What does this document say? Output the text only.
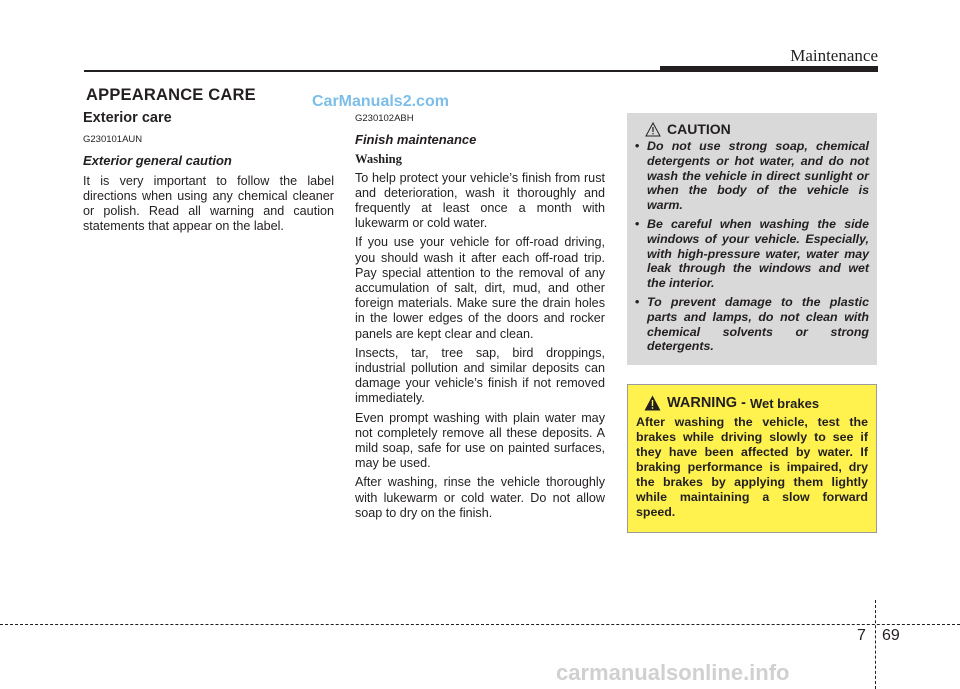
Maintenance
APPEARANCE CARE	CarManuals2.com
Exterior care
G230101AUN
Exterior general caution
It is very important to follow the label directions when using any chemical cleaner or polish. Read all warning and caution statements that appear on the label.
G230102ABH
Finish maintenance
Washing
To help protect your vehicle’s finish from rust and deterioration, wash it thoroughly and frequently at least once a month with lukewarm or cold water.
If you use your vehicle for off-road driving, you should wash it after each off-road trip. Pay special attention to the removal of any accumulation of salt, dirt, mud, and other foreign materials. Make sure the drain holes in the lower edges of the doors and rocker panels are kept clear and clean.
Insects, tar, tree sap, bird droppings, industrial pollution and similar deposits can damage your vehicle’s finish if not removed immediately.
Even prompt washing with plain water may not completely remove all these deposits. A mild soap, safe for use on painted surfaces, may be used.
After washing, rinse the vehicle thoroughly with lukewarm or cold water. Do not allow soap to dry on the finish.
CAUTION
• Do not use strong soap, chemical detergents or hot water, and do not wash the vehicle in direct sunlight or when the body of the vehicle is warm.
• Be careful when washing the side windows of your vehicle. Especially, with high-pressure water, water may leak through the windows and wet the interior.
• To prevent damage to the plastic parts and lamps, do not clean with chemical solvents or strong detergents.
WARNING - Wet brakes
After washing the vehicle, test the brakes while driving slowly to see if they have been affected by water. If braking performance is impaired, dry the brakes by applying them lightly while maintaining a slow forward speed.
7 69
carmanualsonline.info
